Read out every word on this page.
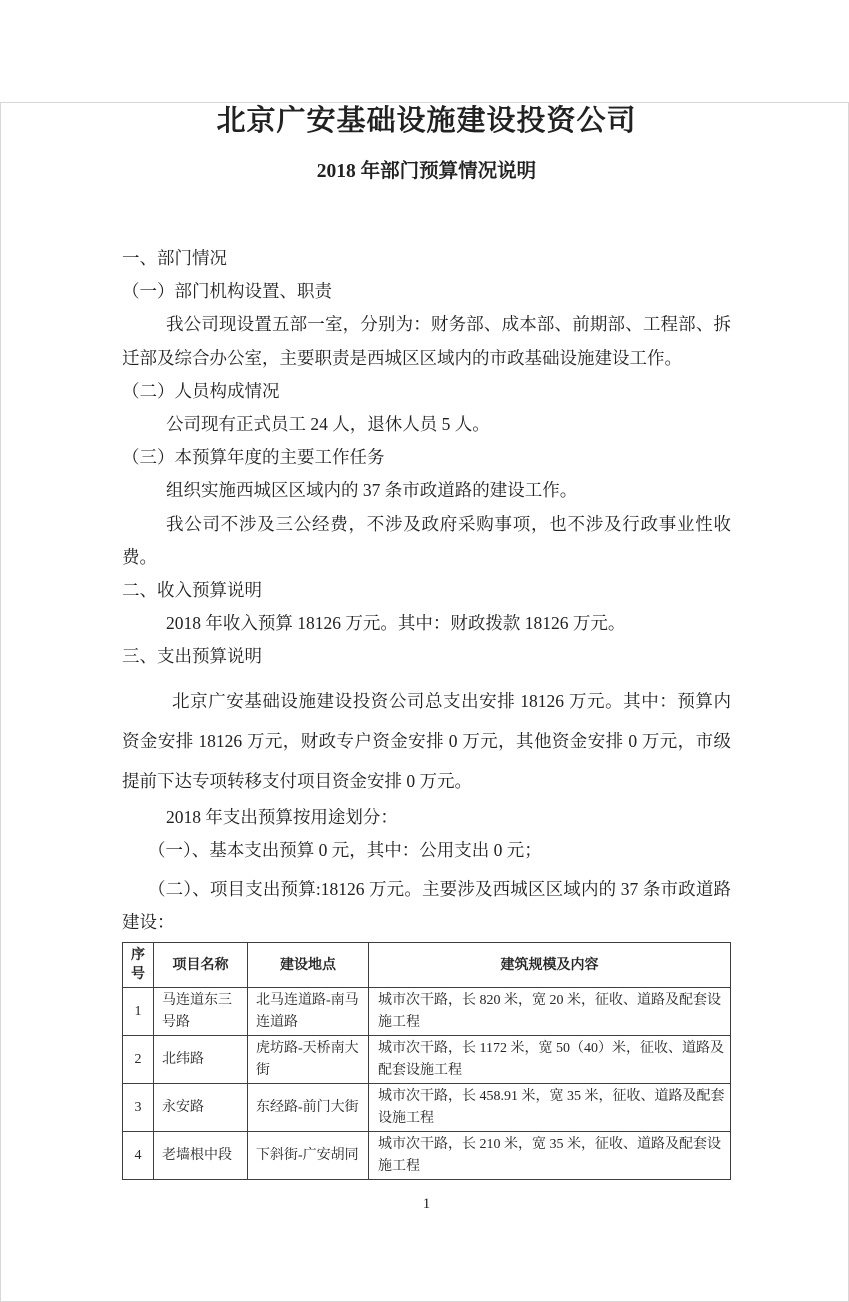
北京广安基础设施建设投资公司
2018 年部门预算情况说明

一、部门情况

（一）部门机构设置、职责

我公司现设置五部一室，分别为：财务部、成本部、前期部、工程部、拆迁部及综合办公室，主要职责是西城区区域内的市政基础设施建设工作。

（二）人员构成情况

公司现有正式员工 24 人，退休人员 5 人。

（三）本预算年度的主要工作任务

组织实施西城区区域内的 37 条市政道路的建设工作。

我公司不涉及三公经费，不涉及政府采购事项，也不涉及行政事业性收费。

二、收入预算说明

2018 年收入预算 18126 万元。其中：财政拨款 18126 万元。

三、支出预算说明

北京广安基础设施建设投资公司总支出安排 18126 万元。其中：预算内资金安排 18126 万元，财政专户资金安排 0 万元，其他资金安排 0 万元，市级提前下达专项转移支付项目资金安排 0 万元。

2018 年支出预算按用途划分：

（一）、基本支出预算 0 元，其中：公用支出 0 元；

（二）、项目支出预算:18126 万元。主要涉及西城区区域内的 37 条市政道路建设：

序号	项目名称	建设地点	建筑规模及内容
1	马连道东三号路	北马连道路-南马连道路	城市次干路，长 820 米，宽 20 米，征收、道路及配套设施工程
2	北纬路	虎坊路-天桥南大街	城市次干路，长 1172 米，宽 50（40）米，征收、道路及配套设施工程
3	永安路	东经路-前门大街	城市次干路，长 458.91 米，宽 35 米，征收、道路及配套设施工程
4	老墙根中段	下斜街-广安胡同	城市次干路，长 210 米，宽 35 米，征收、道路及配套设施工程
1
